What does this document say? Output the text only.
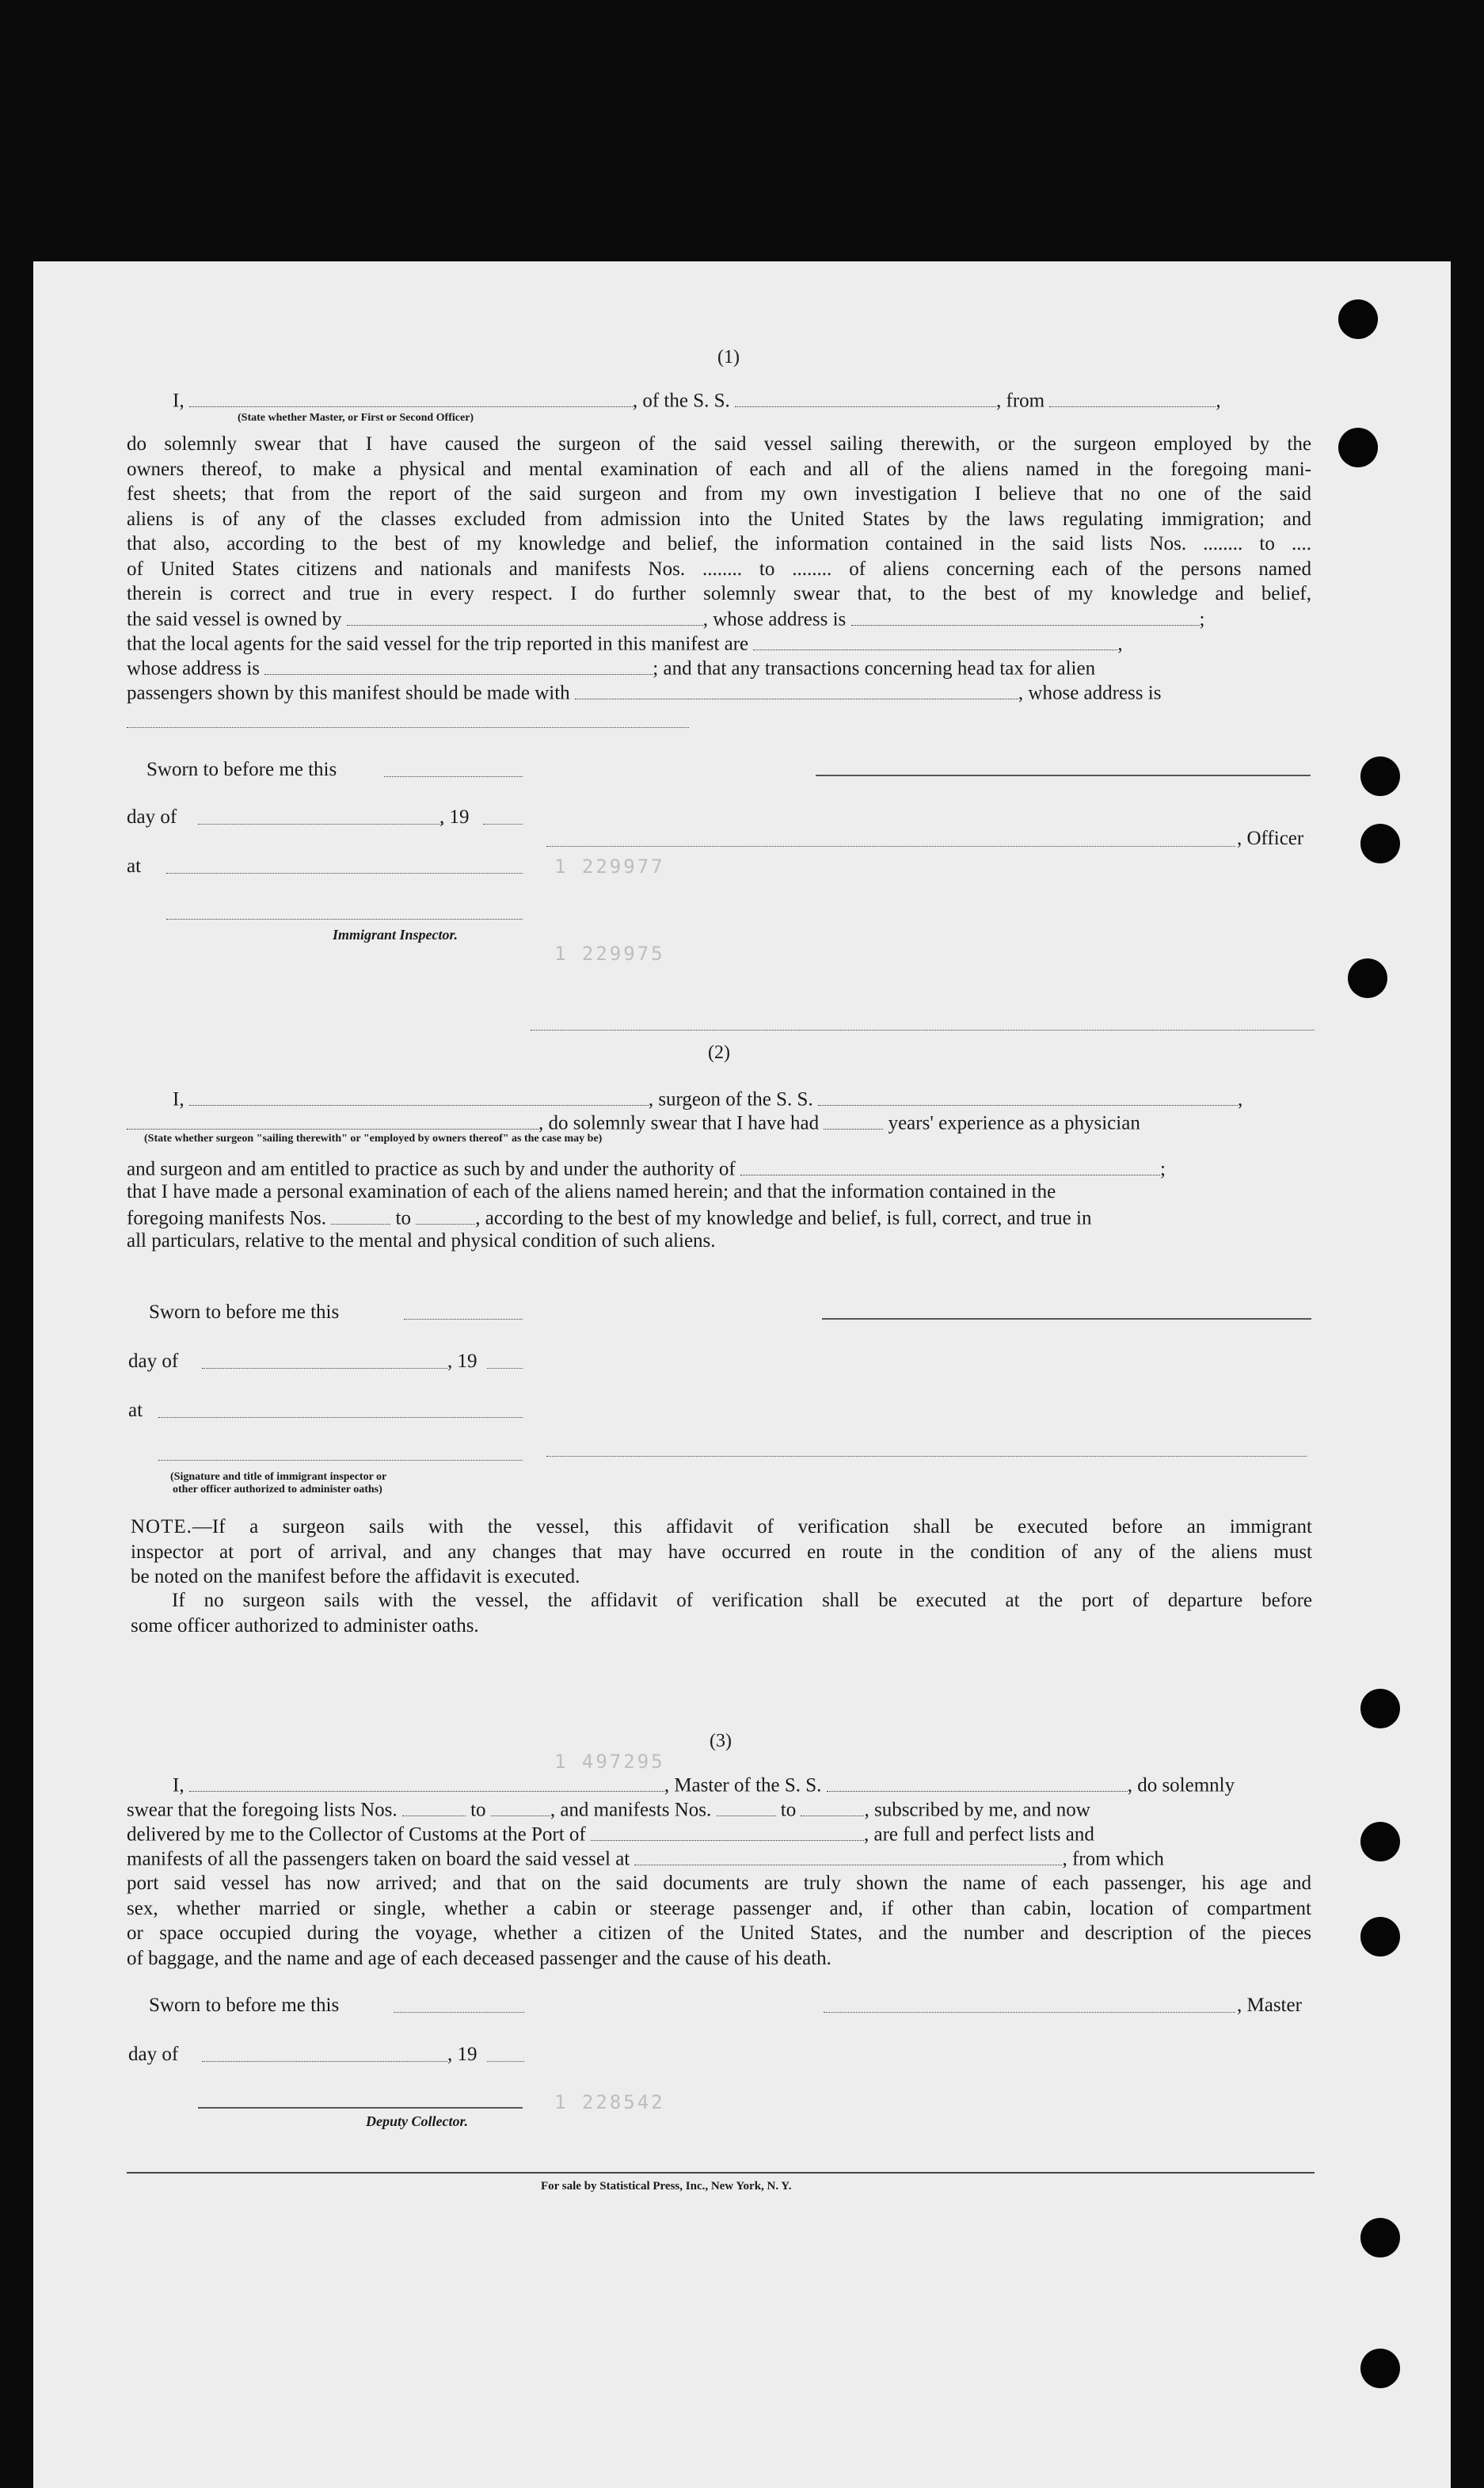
1 229977
1 229975
1 497295
1 228542
(1)
I,	, of the S. S.	, from	,
(State whether Master, or First or Second Officer)
do solemnly swear that I have caused the surgeon of the said vessel sailing therewith, or the surgeon employed by the
owners thereof, to make a physical and mental examination of each and all of the aliens named in the foregoing mani-
fest sheets; that from the report of the said surgeon and from my own investigation I believe that no one of the said
aliens is of any of the classes excluded from admission into the United States by the laws regulating immigration; and
that also, according to the best of my knowledge and belief, the information contained in the said lists Nos. ........ to ....
of United States citizens and nationals and manifests Nos. ........ to ........ of aliens concerning each of the persons named
therein is correct and true in every respect. I do further solemnly swear that, to the best of my knowledge and belief,
the said vessel is owned by	, whose address is	;
that the local agents for the said vessel for the trip reported in this manifest are	,
whose address is	; and that any transactions concerning head tax for alien
passengers shown by this manifest should be made with	, whose address is
Sworn to before me this
day of	, 19
, Officer
at
Immigrant Inspector.
(2)
I,	, surgeon of the S. S.	,
, do solemnly swear that I have had	years' experience as a physician
(State whether surgeon "sailing therewith" or "employed by owners thereof" as the case may be)
and surgeon and am entitled to practice as such by and under the authority of	;
that I have made a personal examination of each of the aliens named herein; and that the information contained in the
foregoing manifests Nos.	to	, according to the best of my knowledge and belief, is full, correct, and true in
all particulars, relative to the mental and physical condition of such aliens.
Sworn to before me this
day of	, 19
at
(Signature and title of immigrant inspector or
other officer authorized to administer oaths)
NOTE.—If a surgeon sails with the vessel, this affidavit of verification shall be executed before an immigrant
inspector at port of arrival, and any changes that may have occurred en route in the condition of any of the aliens must
be noted on the manifest before the affidavit is executed.
If no surgeon sails with the vessel, the affidavit of verification shall be executed at the port of departure before
some officer authorized to administer oaths.
(3)
I,	, Master of the S. S.	, do solemnly
swear that the foregoing lists Nos.	to	, and manifests Nos.	to	, subscribed by me, and now
delivered by me to the Collector of Customs at the Port of	, are full and perfect lists and
manifests of all the passengers taken on board the said vessel at	, from which
port said vessel has now arrived; and that on the said documents are truly shown the name of each passenger, his age and
sex, whether married or single, whether a cabin or steerage passenger and, if other than cabin, location of compartment
or space occupied during the voyage, whether a citizen of the United States, and the number and description of the pieces
of baggage, and the name and age of each deceased passenger and the cause of his death.
Sworn to before me this	, Master
day of	, 19
Deputy Collector.
For sale by Statistical Press, Inc., New York, N. Y.
